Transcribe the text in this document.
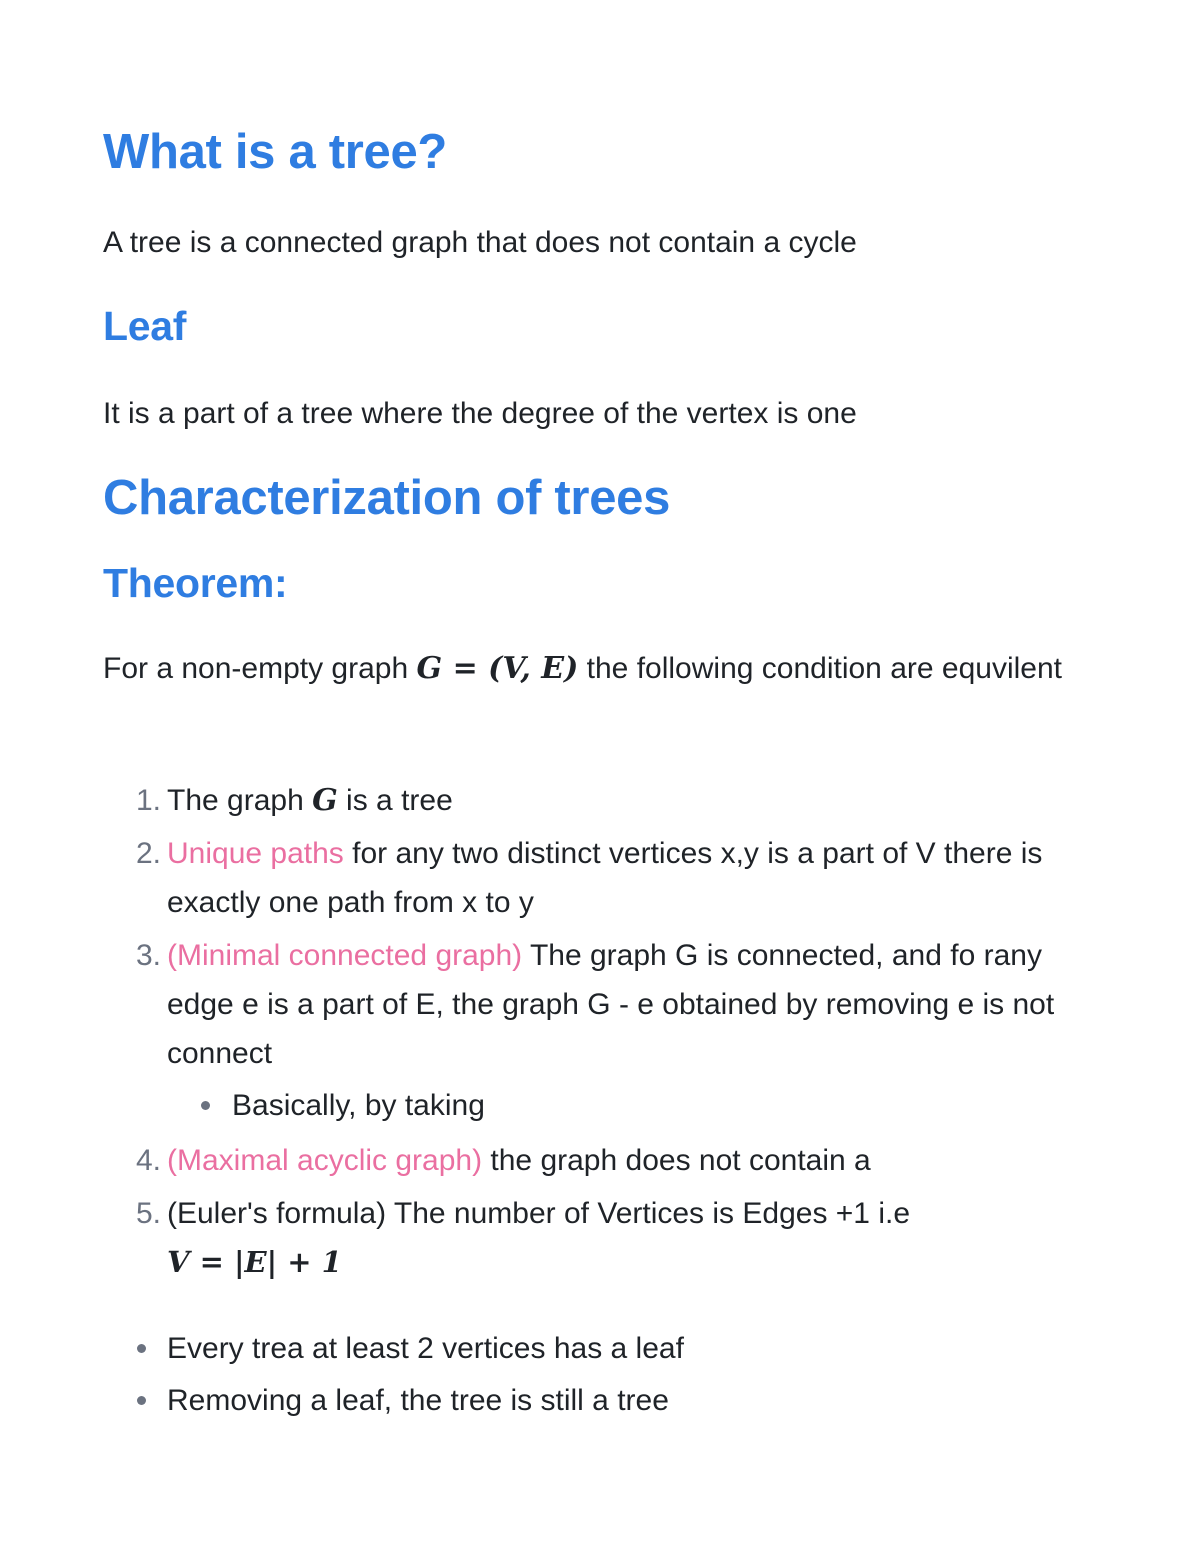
What is a tree?

A tree is a connected graph that does not contain a cycle

Leaf

It is a part of a tree where the degree of the vertex is one

Characterization of trees
Theorem:

For a non-empty graph G = (V, E) the following condition are equvilent

1. The graph G is a tree
2. Unique paths for any two distinct vertices x,y is a part of V there is exactly one path from x to y
3. (Minimal connected graph) The graph G is connected, and fo rany edge e is a part of E, the graph G - e obtained by removing e is not connect
Basically, by taking
4. (Maximal acyclic graph) the graph does not contain a
5. (Euler's formula) The number of Vertices is Edges +1 i.e
V = |E| + 1
Every trea at least 2 vertices has a leaf
Removing a leaf, the tree is still a tree
